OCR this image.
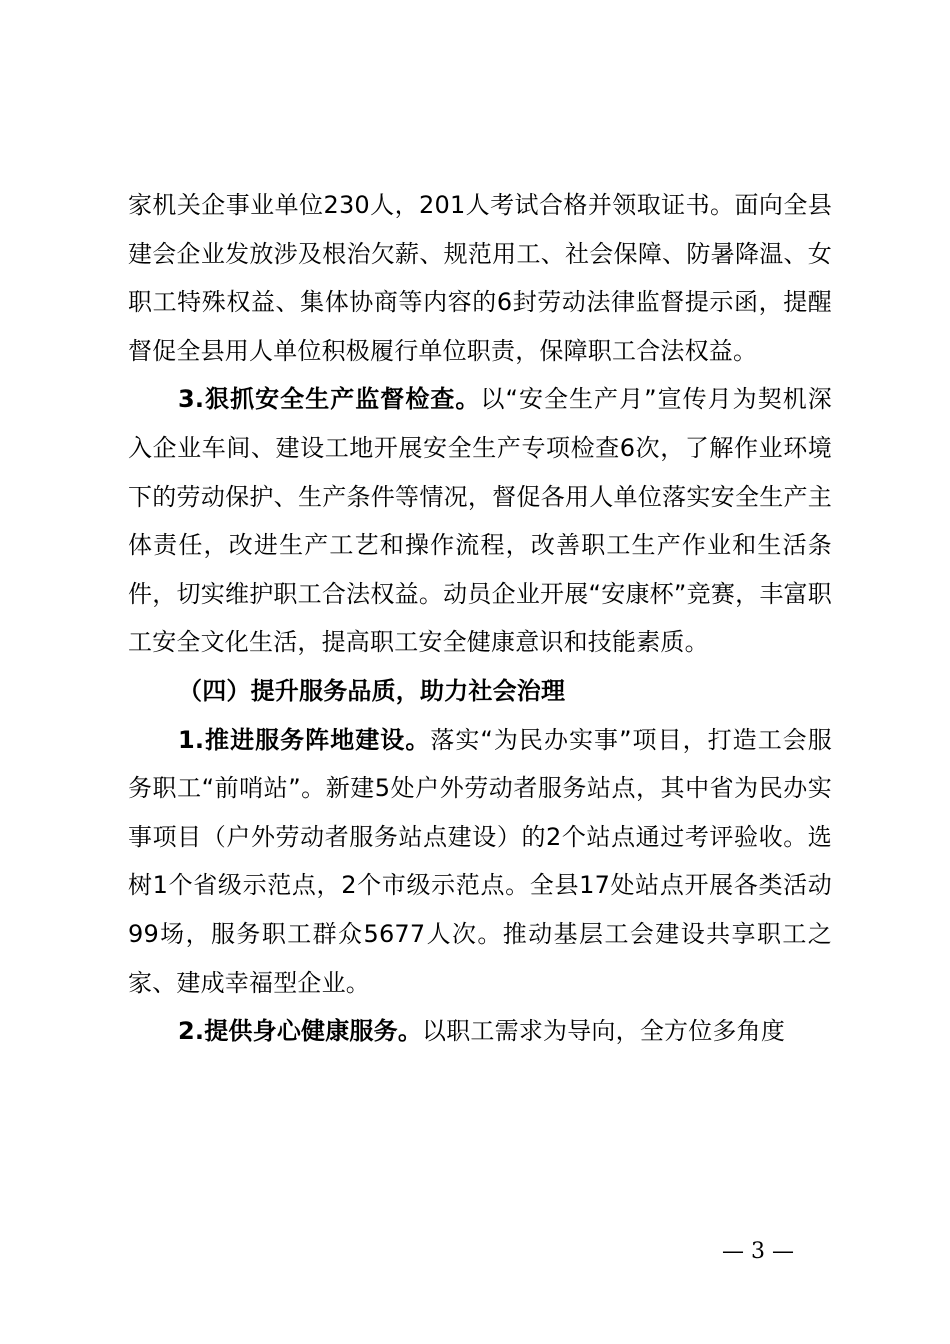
家机关企事业单位230人，201人考试合格并领取证书。面向全县建会企业发放涉及根治欠薪、规范用工、社会保障、防暑降温、女职工特殊权益、集体协商等内容的6封劳动法律监督提示函，提醒督促全县用人单位积极履行单位职责，保障职工合法权益。

3.狠抓安全生产监督检查。以“安全生产月”宣传月为契机深入企业车间、建设工地开展安全生产专项检查6次，了解作业环境下的劳动保护、生产条件等情况，督促各用人单位落实安全生产主体责任，改进生产工艺和操作流程，改善职工生产作业和生活条件，切实维护职工合法权益。动员企业开展“安康杯”竞赛，丰富职工安全文化生活，提高职工安全健康意识和技能素质。

（四）提升服务品质，助力社会治理

1.推进服务阵地建设。落实“为民办实事”项目，打造工会服务职工“前哨站”。新建5处户外劳动者服务站点，其中省为民办实事项目（户外劳动者服务站点建设）的2个站点通过考评验收。选树1个省级示范点，2个市级示范点。全县17处站点开展各类活动99场，服务职工群众5677人次。推动基层工会建设共享职工之家、建成幸福型企业。

2.提供身心健康服务。以职工需求为导向，全方位多角度

— 3 —
